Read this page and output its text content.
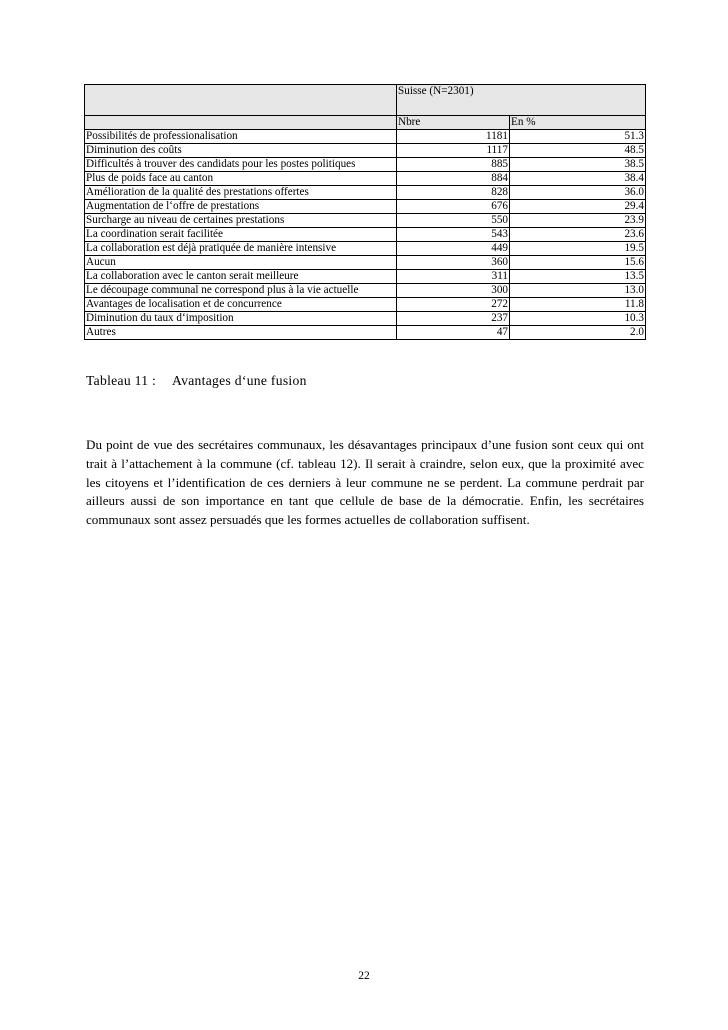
	Suisse (N=2301)	
	Nbre	En %
Possibilités de professionalisation	1181	51.3
Diminution des coûts	1117	48.5
Difficultés à trouver des candidats pour les postes politiques	885	38.5
Plus de poids face au canton	884	38.4
Amélioration de la qualité des prestations offertes	828	36.0
Augmentation de l‘offre de prestations	676	29.4
Surcharge au niveau de certaines prestations	550	23.9
La coordination serait facilitée	543	23.6
La collaboration est déjà pratiquée de manière intensive	449	19.5
Aucun	360	15.6
La collaboration avec le canton serait meilleure	311	13.5
Le découpage communal ne correspond plus à la vie actuelle	300	13.0
Avantages de localisation et de concurrence	272	11.8
Diminution du taux d‘imposition	237	10.3
Autres	47	2.0
Tableau 11 : Avantages d‘une fusion

Du point de vue des secrétaires communaux, les désavantages principaux d’une fusion sont ceux qui ont trait à l’attachement à la commune (cf. tableau 12). Il serait à craindre, selon eux, que la proximité avec les citoyens et l’identification de ces derniers à leur commune ne se perdent. La commune perdrait par ailleurs aussi de son importance en tant que cellule de base de la démocratie. Enfin, les secrétaires communaux sont assez persuadés que les formes actuelles de collaboration suffisent.

22
